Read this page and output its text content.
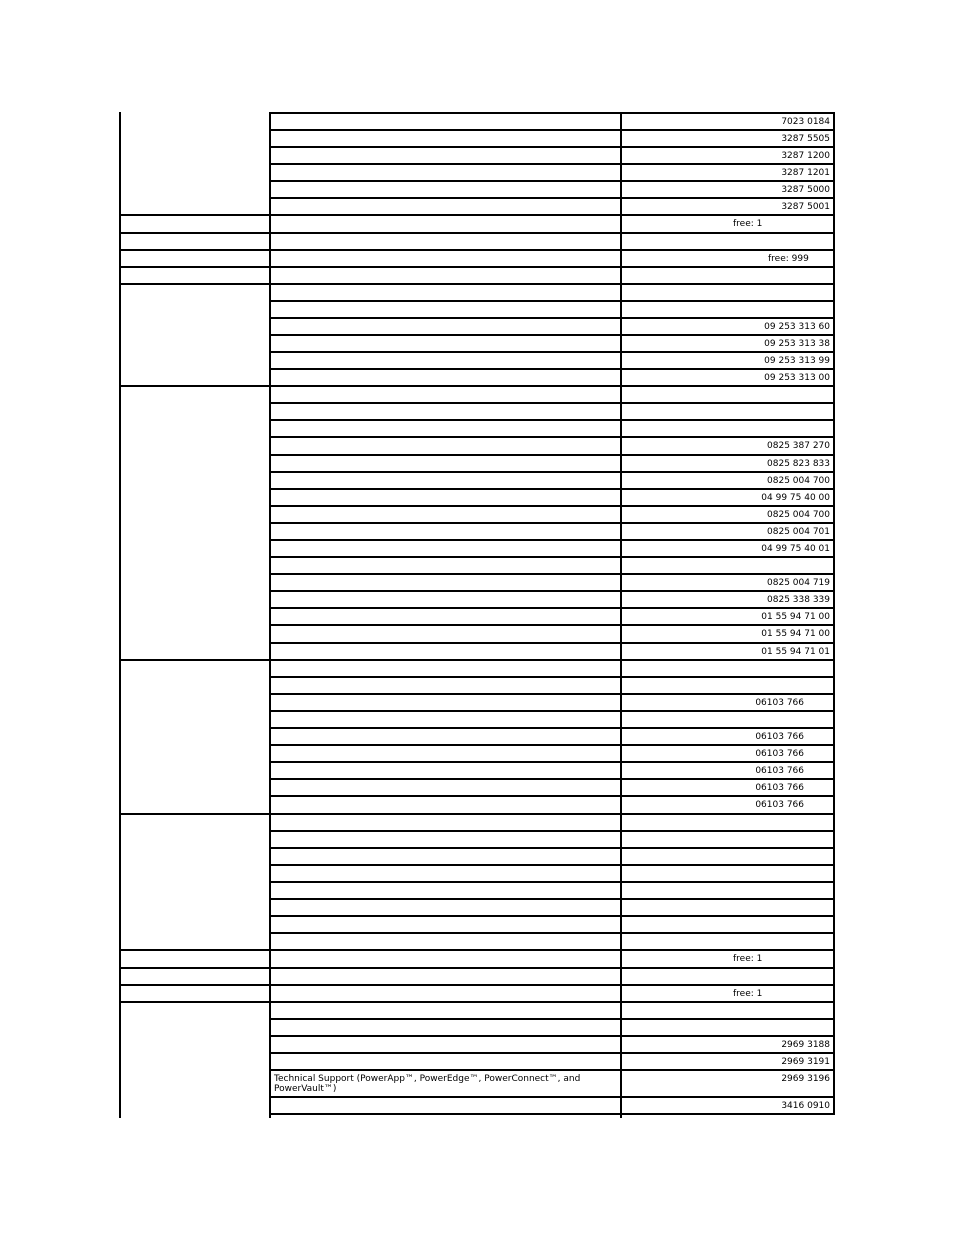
7023 0184
3287 5505
3287 1200
3287 1201
3287 5000
3287 5001
free: 1
free: 999
09 253 313 60
09 253 313 38
09 253 313 99
09 253 313 00
0825 387 270
0825 823 833
0825 004 700
04 99 75 40 00
0825 004 700
0825 004 701
04 99 75 40 01
0825 004 719
0825 338 339
01 55 94 71 00
01 55 94 71 00
01 55 94 71 01
06103 766
06103 766
06103 766
06103 766
06103 766
06103 766
free: 1
free: 1
2969 3188
2969 3191
Technical Support (PowerApp™, PowerEdge™, PowerConnect™, and PowerVault™)
2969 3196
3416 0910
